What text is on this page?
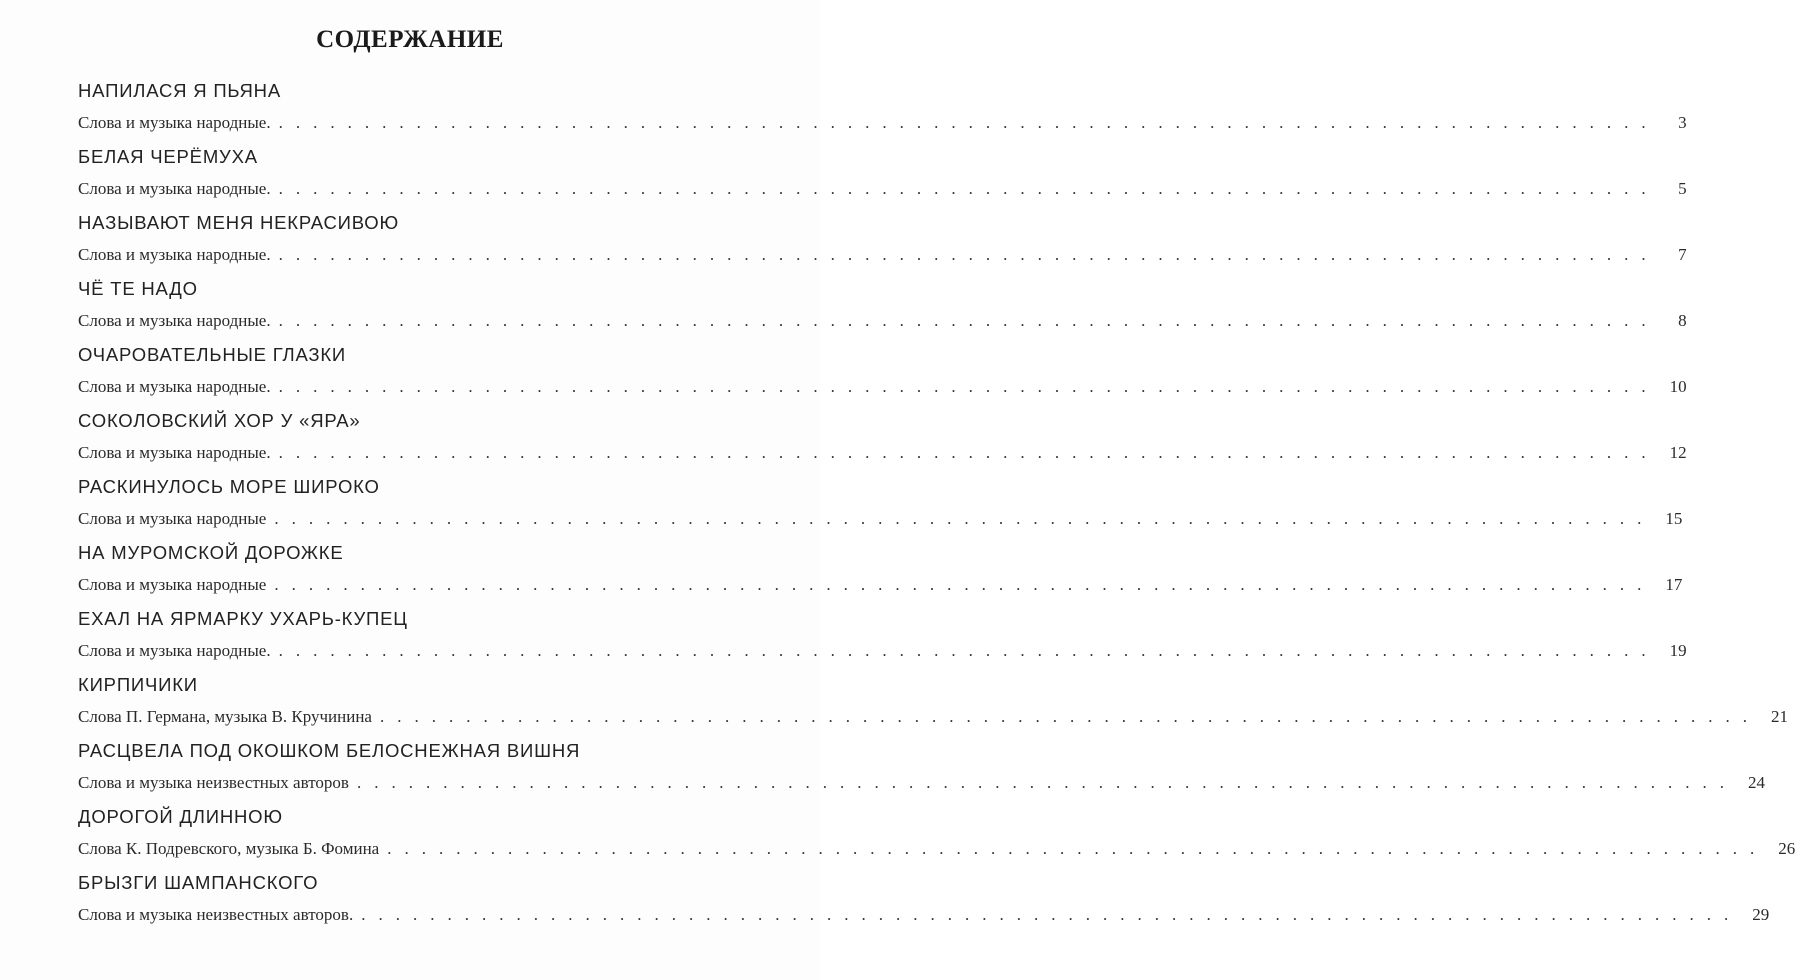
СОДЕРЖАНИЕ
НАПИЛАСЯ Я ПЬЯНА
Слова и музыка народные. ................................................................................	3
БЕЛАЯ ЧЕРЁМУХА
Слова и музыка народные. ................................................................................	5
НАЗЫВАЮТ МЕНЯ НЕКРАСИВОЮ
Слова и музыка народные. ................................................................................	7
ЧЁ ТЕ НАДО
Слова и музыка народные. ................................................................................	8
ОЧАРОВАТЕЛЬНЫЕ ГЛАЗКИ
Слова и музыка народные. ................................................................................ 10
СОКОЛОВСКИЙ ХОР У «ЯРА»
Слова и музыка народные. ................................................................................ 12
РАСКИНУЛОСЬ МОРЕ ШИРОКО
Слова и музыка народные ................................................................................ 15
НА МУРОМСКОЙ ДОРОЖКЕ
Слова и музыка народные ................................................................................ 17
ЕХАЛ НА ЯРМАРКУ УХАРЬ-КУПЕЦ
Слова и музыка народные. ................................................................................ 19
КИРПИЧИКИ
Слова П. Германа, музыка В. Кручинина ................................................................................ 21
РАСЦВЕЛА ПОД ОКОШКОМ БЕЛОСНЕЖНАЯ ВИШНЯ
Слова и музыка неизвестных авторов ................................................................................ 24
ДОРОГОЙ ДЛИННОЮ
Слова К. Подревского, музыка Б. Фомина ................................................................................ 26
БРЫЗГИ ШАМПАНСКОГО
Слова и музыка неизвестных авторов. ................................................................................ 29
